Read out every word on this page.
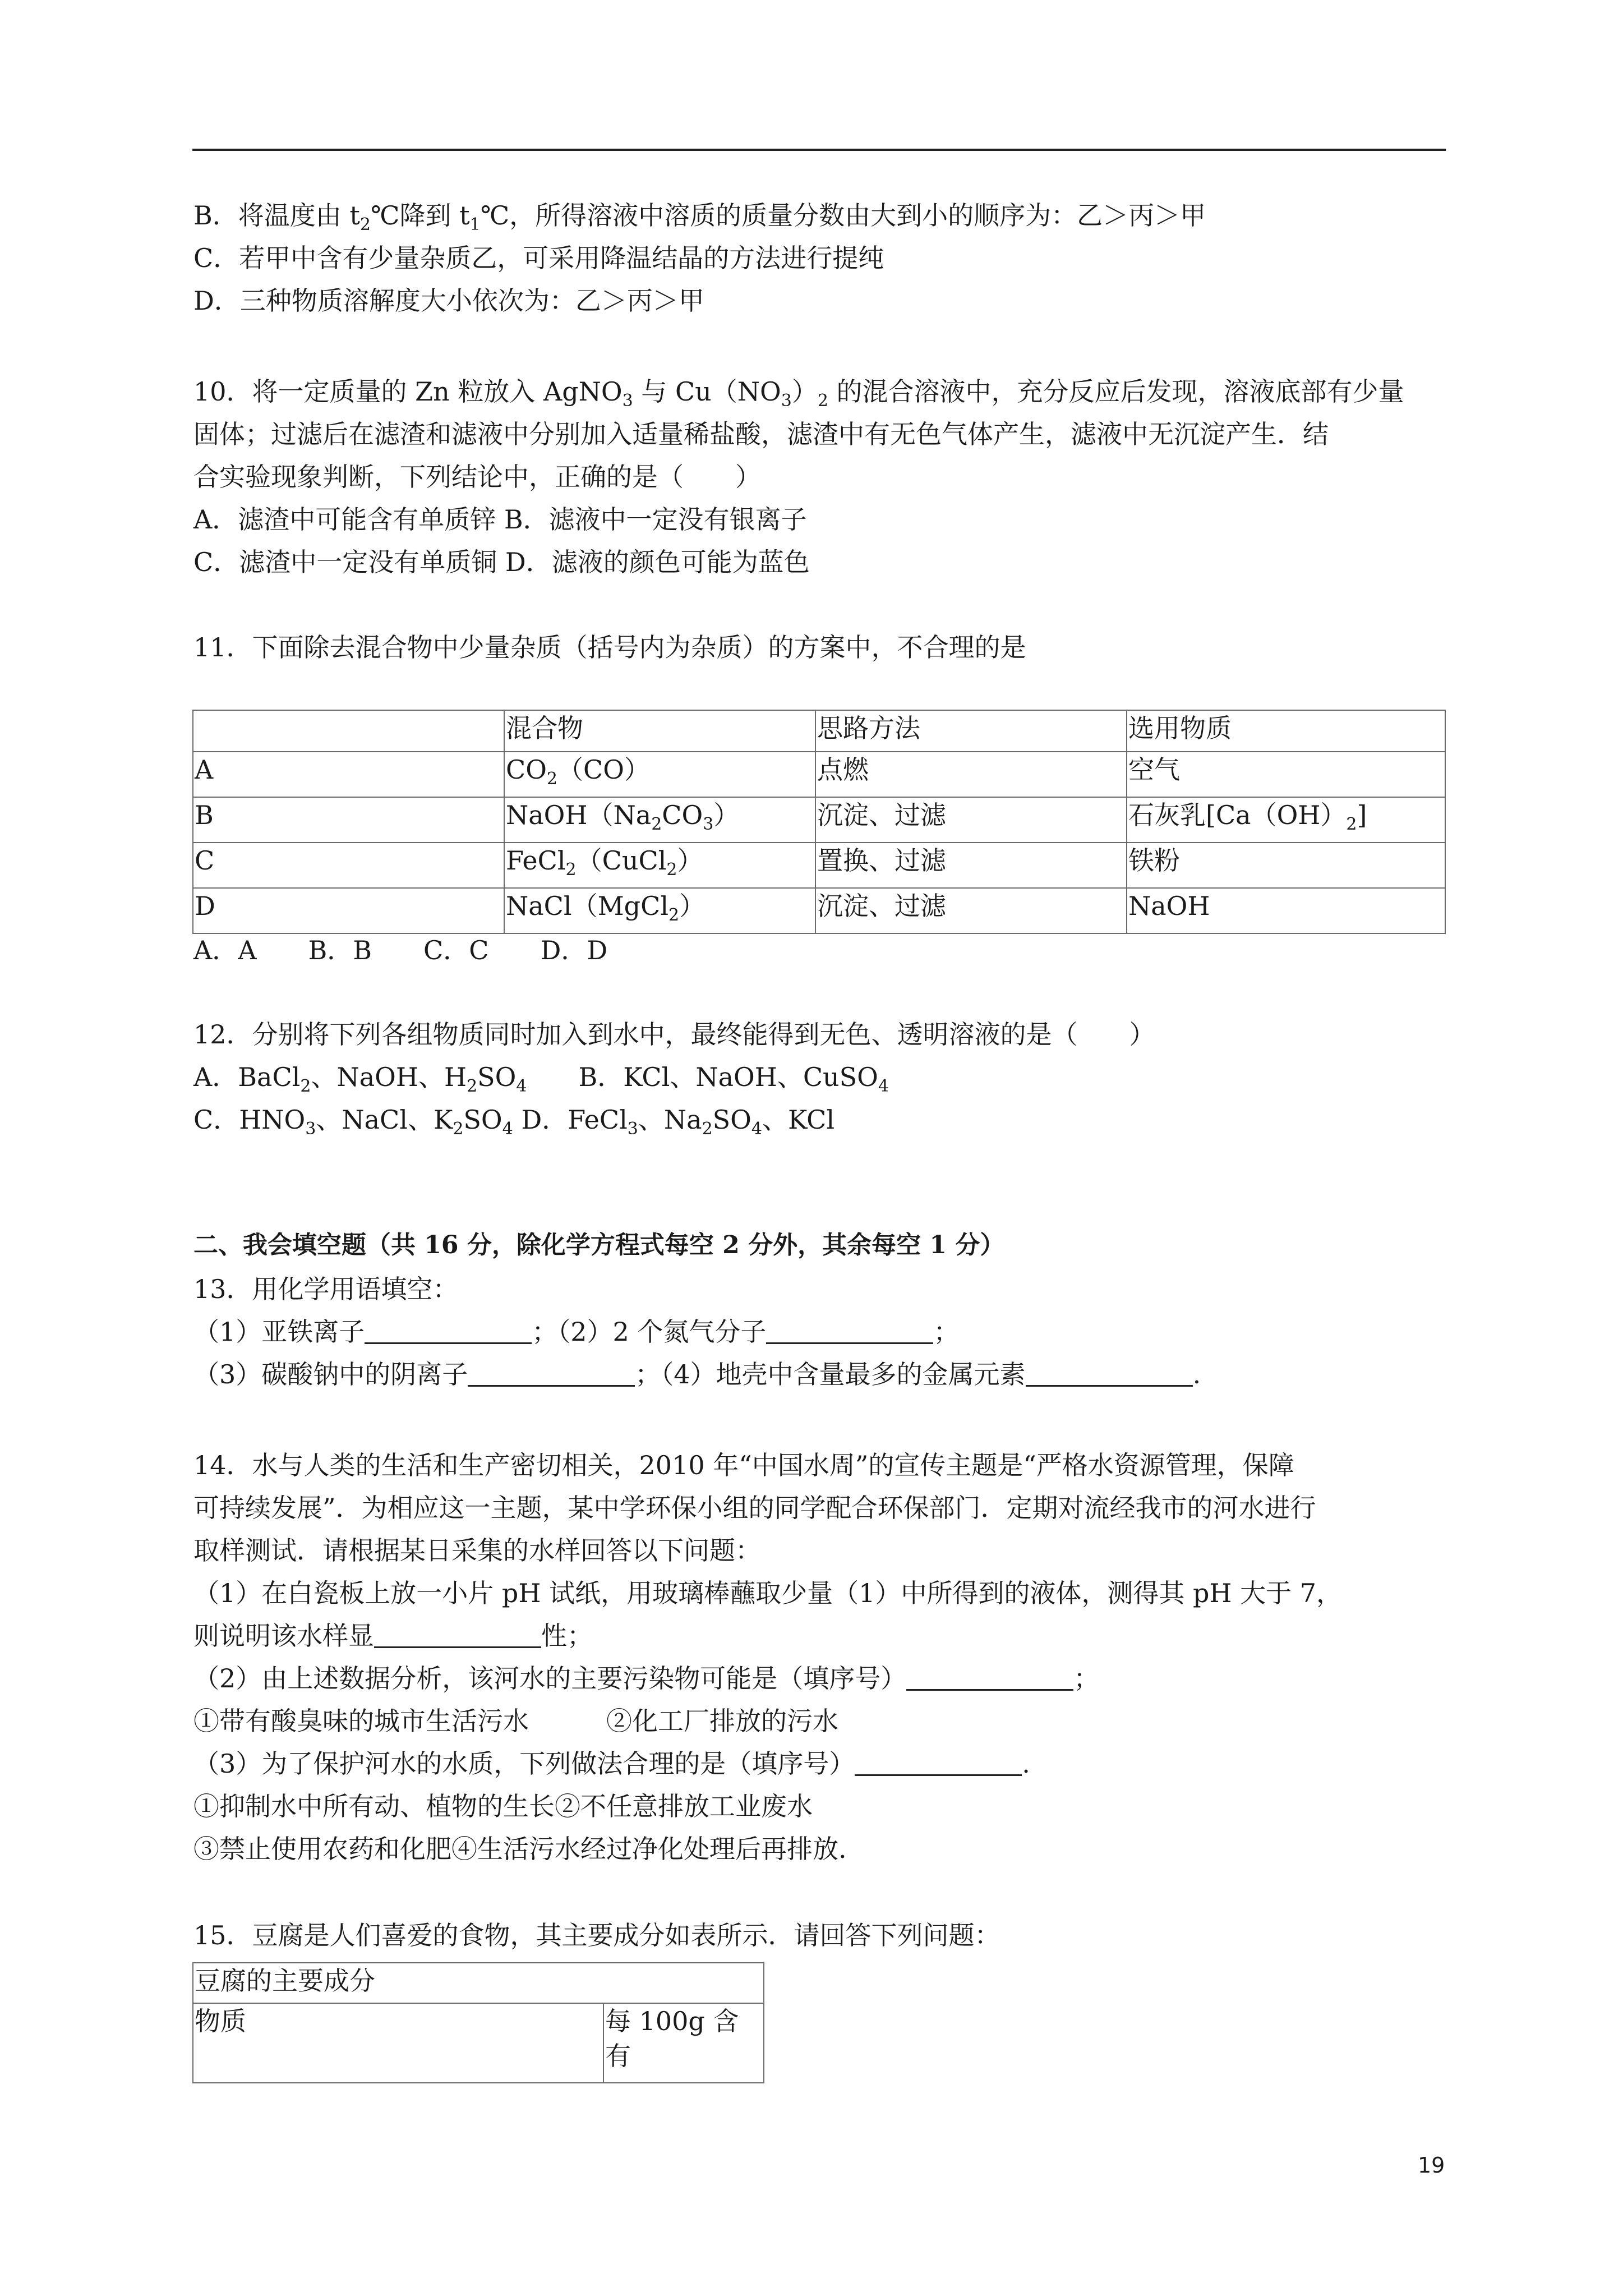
B．将温度由 $t_2℃$降到 $t_1℃$，所得溶液中溶质的质量分数由大到小的顺序为：乙＞丙＞甲
C．若甲中含有少量杂质乙，可采用降温结晶的方法进行提纯
D．三种物质溶解度大小依次为：乙＞丙＞甲
10．将一定质量的 Zn 粒放入 AgNO$_3$ 与 $Cu(NO_3)_2$ 的混合溶液中，充分反应后发现，溶液底部有少量
固体；过滤后在滤渣和滤液中分别加入适量稀盐酸，滤渣中有无色气体产生，滤液中无沉淀产生．结
合实验现象判断，下列结论中，正确的是（　　）
A．滤渣中可能含有单质锌 B．滤液中一定没有银离子
C．滤渣中一定没有单质铜 D．滤液的颜色可能为蓝色
11．下面除去混合物中少量杂质（括号内为杂质）的方案中，不合理的是
	混合物	思路方法	选用物质
A	$CO_2(CO)$	点燃	空气
B	$NaOH(Na_2CO_3)$	沉淀、过滤	石灰乳$[Ca(OH)_2]$
C	FeCl$_2$（CuCl$_2$）	置换、过滤	铁粉
D	NaCl（MgCl$_2$）	沉淀、过滤	NaOH
A．A　　B．B　　C．C　　D．D
12．分别将下列各组物质同时加入到水中，最终能得到无色、透明溶液的是（　　）
A．BaCl$_2$、NaOH、$H_2SO_4$　　B．KCl、NaOH、CuSO$_4$
C．$HNO_3$、NaCl、$K_2SO_4$ D．FeCl$_3$、$Na_2SO_4$、KCl
二、我会填空题（共 16 分，除化学方程式每空 2 分外，其余每空 1 分）
13．用化学用语填空：
（1）亚铁离子	；（2）2 个氮气分子	；
（3）碳酸钠中的阴离子	；（4）地壳中含量最多的金属元素	.
14．水与人类的生活和生产密切相关，2010 年“中国水周”的宣传主题是“严格水资源管理，保障
可持续发展”．为相应这一主题，某中学环保小组的同学配合环保部门．定期对流经我市的河水进行
取样测试．请根据某日采集的水样回答以下问题：
（1）在白瓷板上放一小片 pH 试纸，用玻璃棒蘸取少量（1）中所得到的液体，测得其 pH 大于 7，
则说明该水样显	性；
（2）由上述数据分析，该河水的主要污染物可能是（填序号）	；
①带有酸臭味的城市生活污水　　　②化工厂排放的污水
（3）为了保护河水的水质，下列做法合理的是（填序号）	.
①抑制水中所有动、植物的生长②不任意排放工业废水
③禁止使用农药和化肥④生活污水经过净化处理后再排放.
15．豆腐是人们喜爱的食物，其主要成分如表所示．请回答下列问题：
豆腐的主要成分
物质	每 100g 含
有
19
